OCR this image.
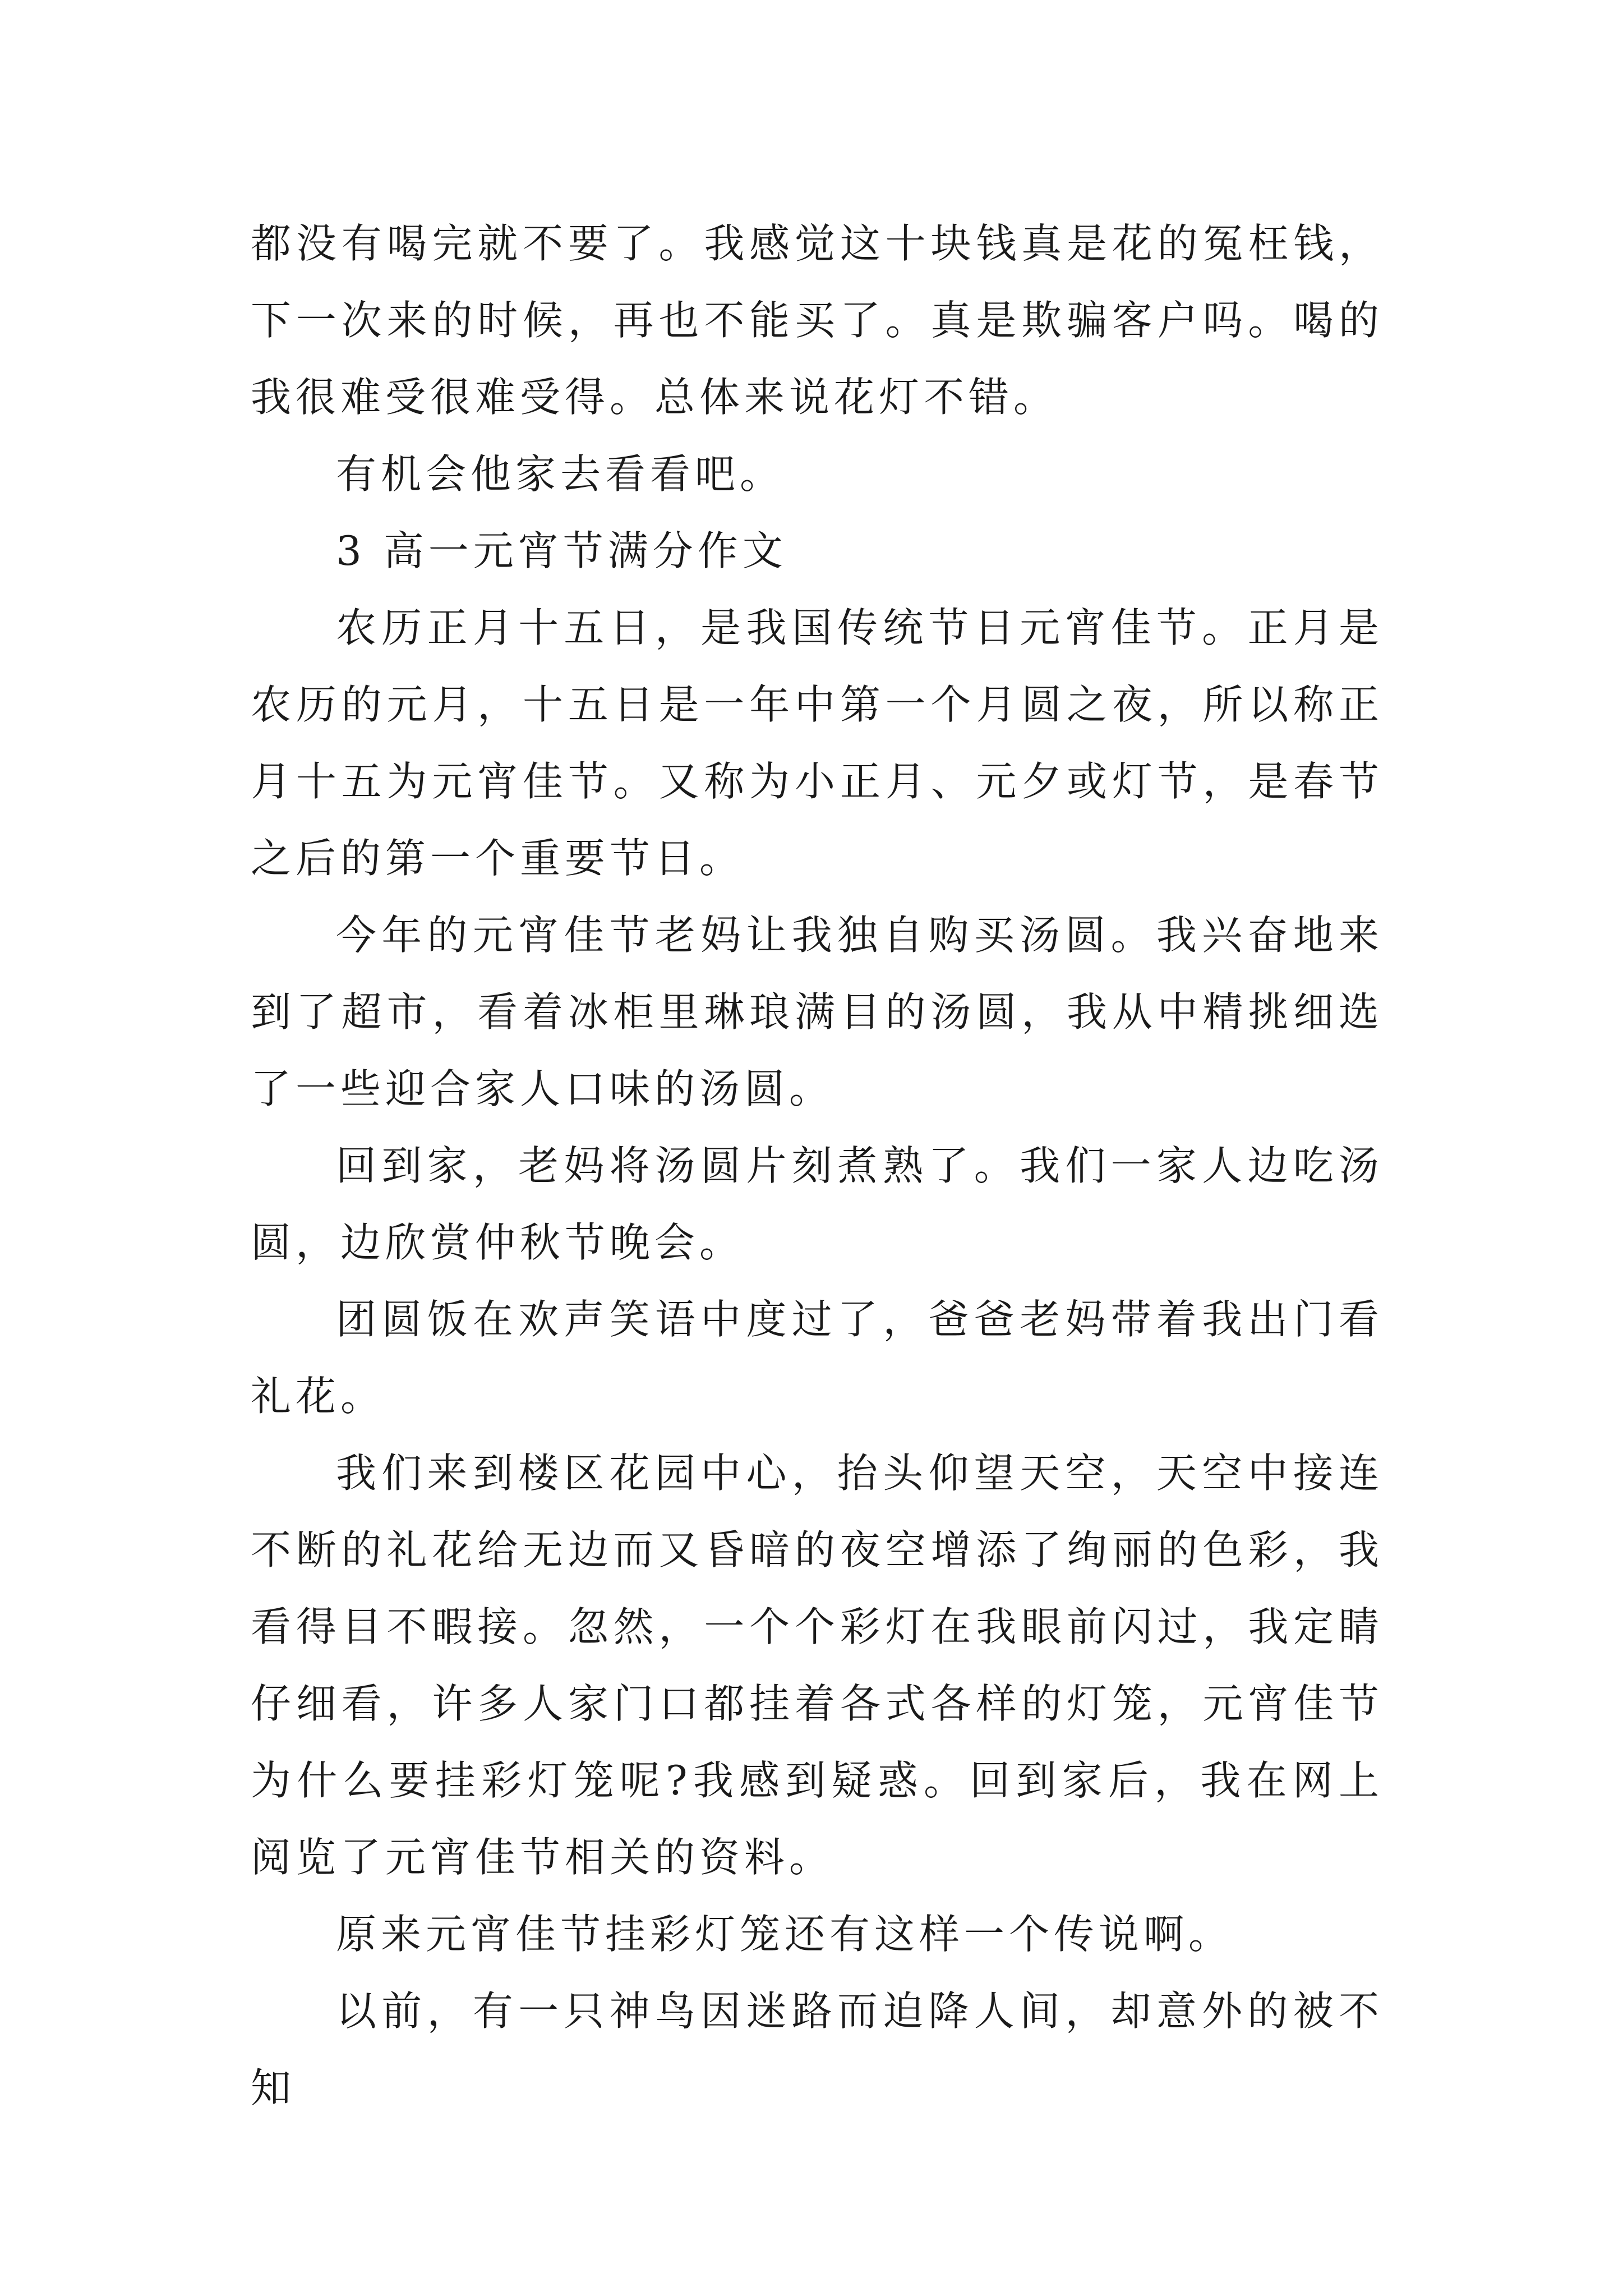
都没有喝完就不要了。我感觉这十块钱真是花的冤枉钱，下一次来的时候，再也不能买了。真是欺骗客户吗。喝的我很难受很难受得。总体来说花灯不错。

有机会他家去看看吧。

3 高一元宵节满分作文

农历正月十五日，是我国传统节日元宵佳节。正月是农历的元月，十五日是一年中第一个月圆之夜，所以称正月十五为元宵佳节。又称为小正月、元夕或灯节，是春节之后的第一个重要节日。

今年的元宵佳节老妈让我独自购买汤圆。我兴奋地来到了超市，看着冰柜里琳琅满目的汤圆，我从中精挑细选了一些迎合家人口味的汤圆。

回到家，老妈将汤圆片刻煮熟了。我们一家人边吃汤圆，边欣赏仲秋节晚会。

团圆饭在欢声笑语中度过了，爸爸老妈带着我出门看礼花。

我们来到楼区花园中心，抬头仰望天空，天空中接连不断的礼花给无边而又昏暗的夜空增添了绚丽的色彩，我看得目不暇接。忽然，一个个彩灯在我眼前闪过，我定睛仔细看，许多人家门口都挂着各式各样的灯笼，元宵佳节为什么要挂彩灯笼呢?我感到疑惑。回到家后，我在网上阅览了元宵佳节相关的资料。

原来元宵佳节挂彩灯笼还有这样一个传说啊。

以前，有一只神鸟因迷路而迫降人间，却意外的被不知
